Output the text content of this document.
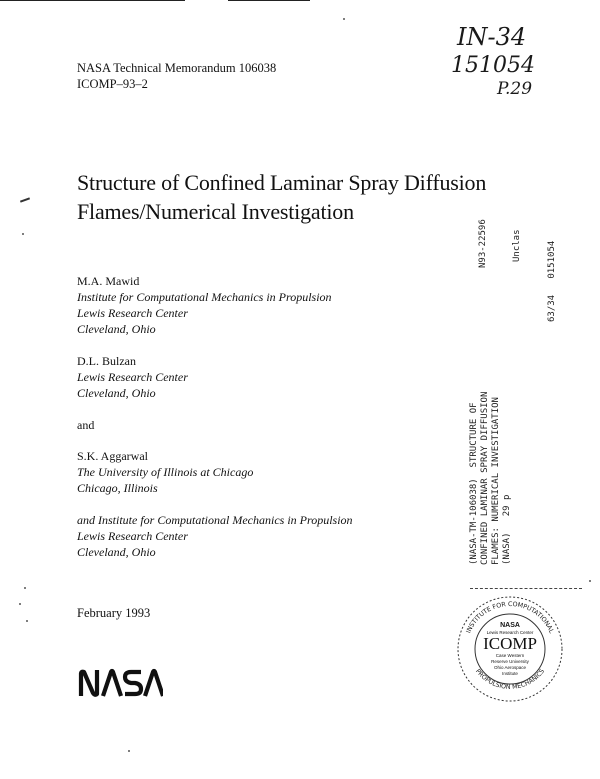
NASA Technical Memorandum 106038
ICOMP–93–2
IN-34
151054
P.29
Structure of Confined Laminar Spray Diffusion
Flames/Numerical Investigation
M.A. Mawid
Institute for Computational Mechanics in Propulsion
Lewis Research Center
Cleveland, Ohio
D.L. Bulzan
Lewis Research Center
Cleveland, Ohio
and
S.K. Aggarwal
The University of Illinois at Chicago
Chicago, Illinois
and Institute for Computational Mechanics in Propulsion
Lewis Research Center
Cleveland, Ohio
February 1993
N93-22596	Unclas	63/34   0151054
(NASA-TM-106038)  STRUCTURE OF CONFINED LAMINAR SPRAY DIFFUSION FLAMES: NUMERICAL INVESTIGATION (NASA)   29 p
INSTITUTE FOR COMPUTATIONAL
PROPULSION MECHANICS
NASA
Lewis Research Center
ICOMP
Case Western
Reserve University
Ohio Aerospace
Institute
